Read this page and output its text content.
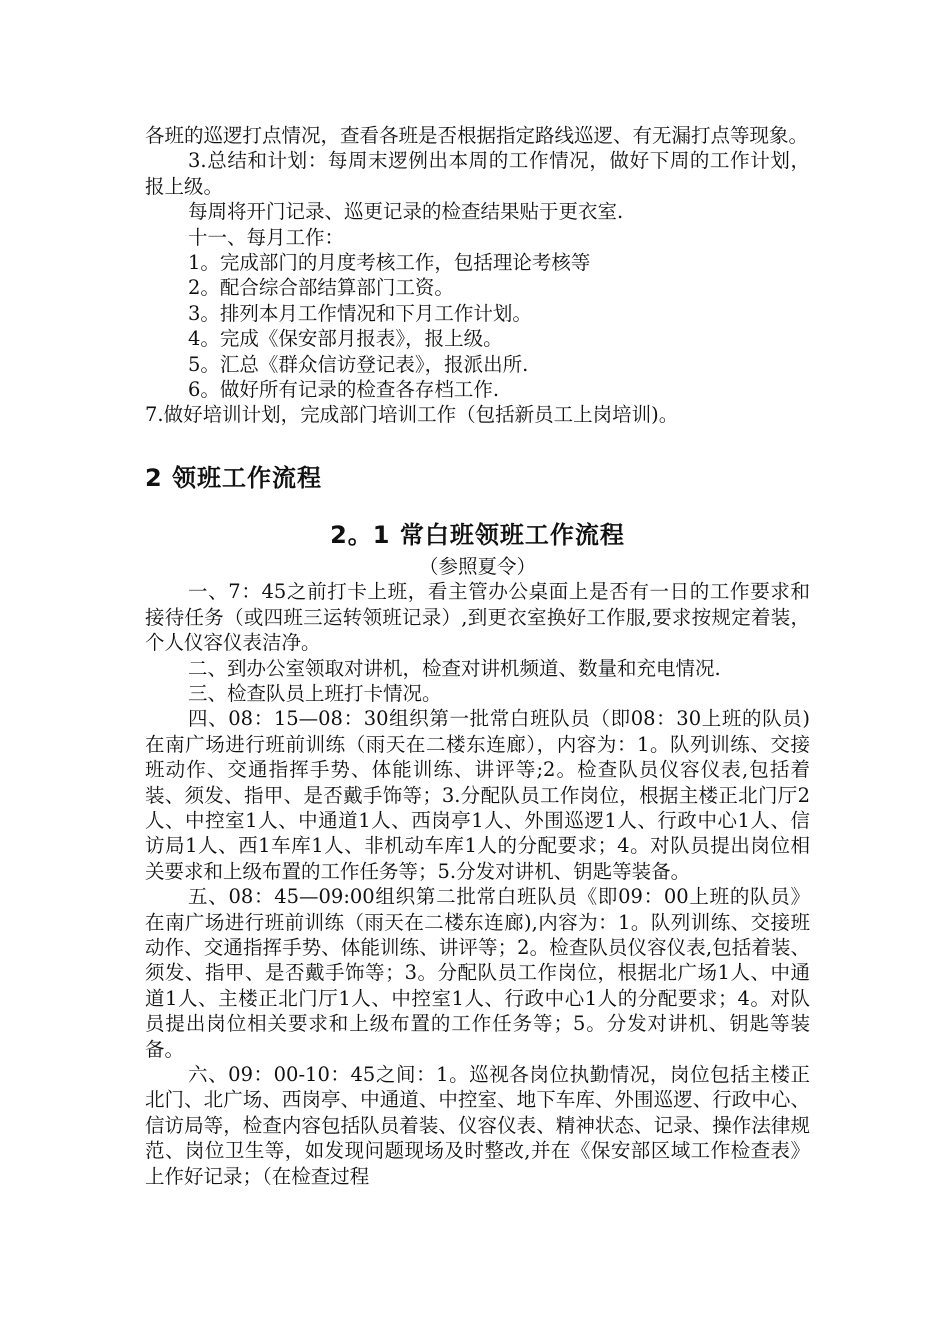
各班的巡逻打点情况，查看各班是否根据指定路线巡逻、有无漏打点等现象。

3.总结和计划：每周末逻例出本周的工作情况，做好下周的工作计划，报上级。

每周将开门记录、巡更记录的检查结果贴于更衣室.

十一、每月工作：

1。完成部门的月度考核工作，包括理论考核等

2。配合综合部结算部门工资。

3。排列本月工作情况和下月工作计划。

4。完成《保安部月报表》，报上级。

5。汇总《群众信访登记表》，报派出所.

6。做好所有记录的检查各存档工作.

7.做好培训计划，完成部门培训工作（包括新员工上岗培训)。

2 领班工作流程

2。1 常白班领班工作流程

（参照夏令）

一、7：45之前打卡上班，看主管办公桌面上是否有一日的工作要求和接待任务（或四班三运转领班记录）,到更衣室换好工作服,要求按规定着装，个人仪容仪表洁净。

二、到办公室领取对讲机，检查对讲机频道、数量和充电情况.

三、检查队员上班打卡情况。

四、08：15—08：30组织第一批常白班队员（即08：30上班的队员)在南广场进行班前训练（雨天在二楼东连廊），内容为：1。队列训练、交接班动作、交通指挥手势、体能训练、讲评等;2。检查队员仪容仪表,包括着装、须发、指甲、是否戴手饰等；3.分配队员工作岗位，根据主楼正北门厅2人、中控室1人、中通道1人、西岗亭1人、外围巡逻1人、行政中心1人、信访局1人、西1车库1人、非机动车库1人的分配要求；4。对队员提出岗位相关要求和上级布置的工作任务等；5.分发对讲机、钥匙等装备。

五、08：45—09:00组织第二批常白班队员《即09：00上班的队员》在南广场进行班前训练（雨天在二楼东连廊),内容为：1。队列训练、交接班动作、交通指挥手势、体能训练、讲评等；2。检查队员仪容仪表,包括着装、须发、指甲、是否戴手饰等；3。分配队员工作岗位，根据北广场1人、中通道1人、主楼正北门厅1人、中控室1人、行政中心1人的分配要求；4。对队员提出岗位相关要求和上级布置的工作任务等；5。分发对讲机、钥匙等装备。

六、09：00-10：45之间：1。巡视各岗位执勤情况，岗位包括主楼正北门、北广场、西岗亭、中通道、中控室、地下车库、外围巡逻、行政中心、信访局等，检查内容包括队员着装、仪容仪表、精神状态、记录、操作法律规范、岗位卫生等，如发现问题现场及时整改,并在《保安部区域工作检查表》上作好记录；（在检查过程
